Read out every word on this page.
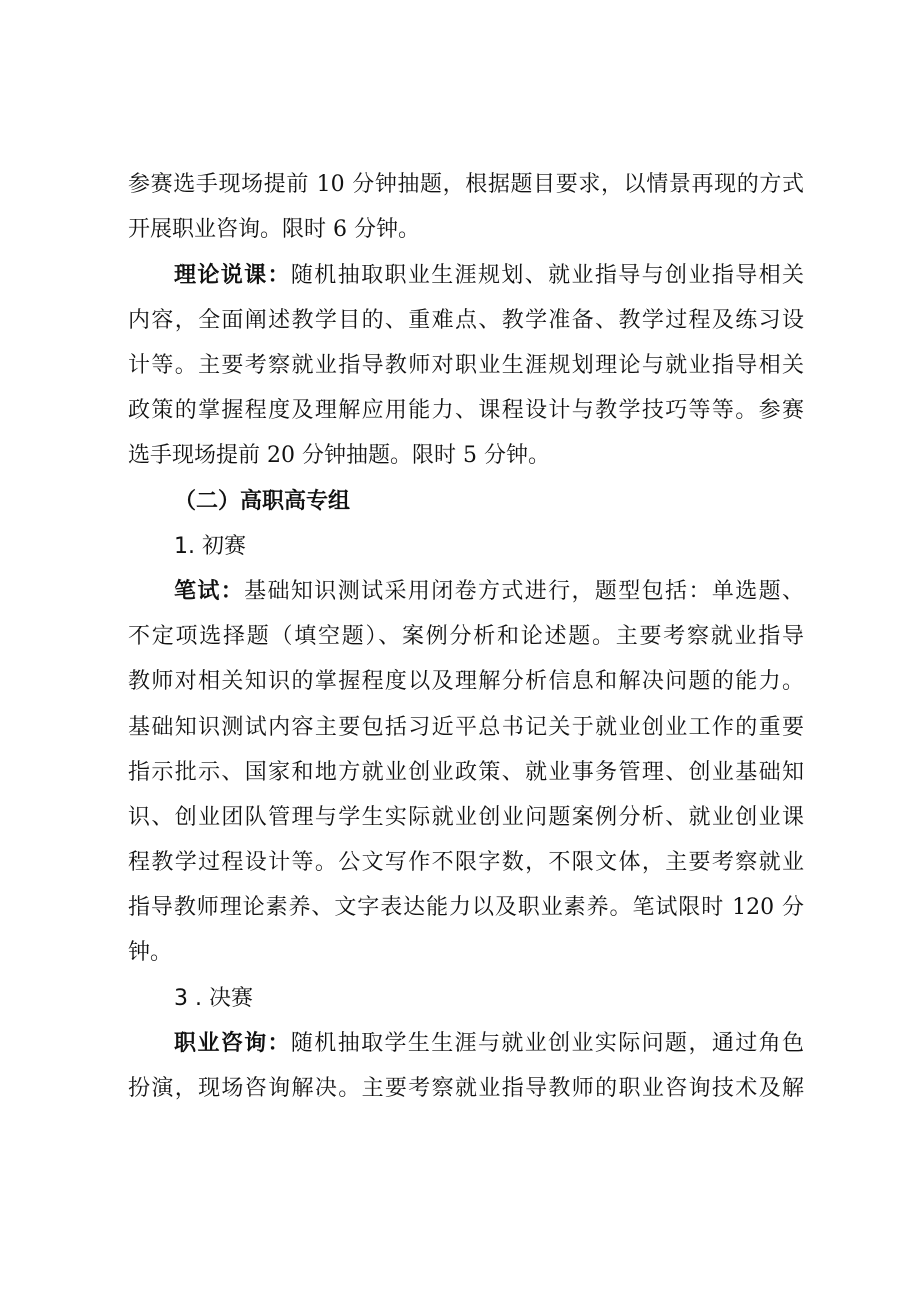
参赛选手现场提前 10 分钟抽题，根据题目要求，以情景再现的方式
开展职业咨询。限时 6 分钟。
理论说课：随机抽取职业生涯规划、就业指导与创业指导相关
内容，全面阐述教学目的、重难点、教学准备、教学过程及练习设
计等。主要考察就业指导教师对职业生涯规划理论与就业指导相关
政策的掌握程度及理解应用能力、课程设计与教学技巧等等。参赛
选手现场提前 20 分钟抽题。限时 5 分钟。
（二）高职高专组
1. 初赛
笔试：基础知识测试采用闭卷方式进行，题型包括：单选题、
不定项选择题（填空题）、案例分析和论述题。主要考察就业指导
教师对相关知识的掌握程度以及理解分析信息和解决问题的能力。
基础知识测试内容主要包括习近平总书记关于就业创业工作的重要
指示批示、国家和地方就业创业政策、就业事务管理、创业基础知
识、创业团队管理与学生实际就业创业问题案例分析、就业创业课
程教学过程设计等。公文写作不限字数，不限文体，主要考察就业
指导教师理论素养、文字表达能力以及职业素养。笔试限时 120 分
钟。
3 . 决赛
职业咨询：随机抽取学生生涯与就业创业实际问题，通过角色
扮演，现场咨询解决。主要考察就业指导教师的职业咨询技术及解
